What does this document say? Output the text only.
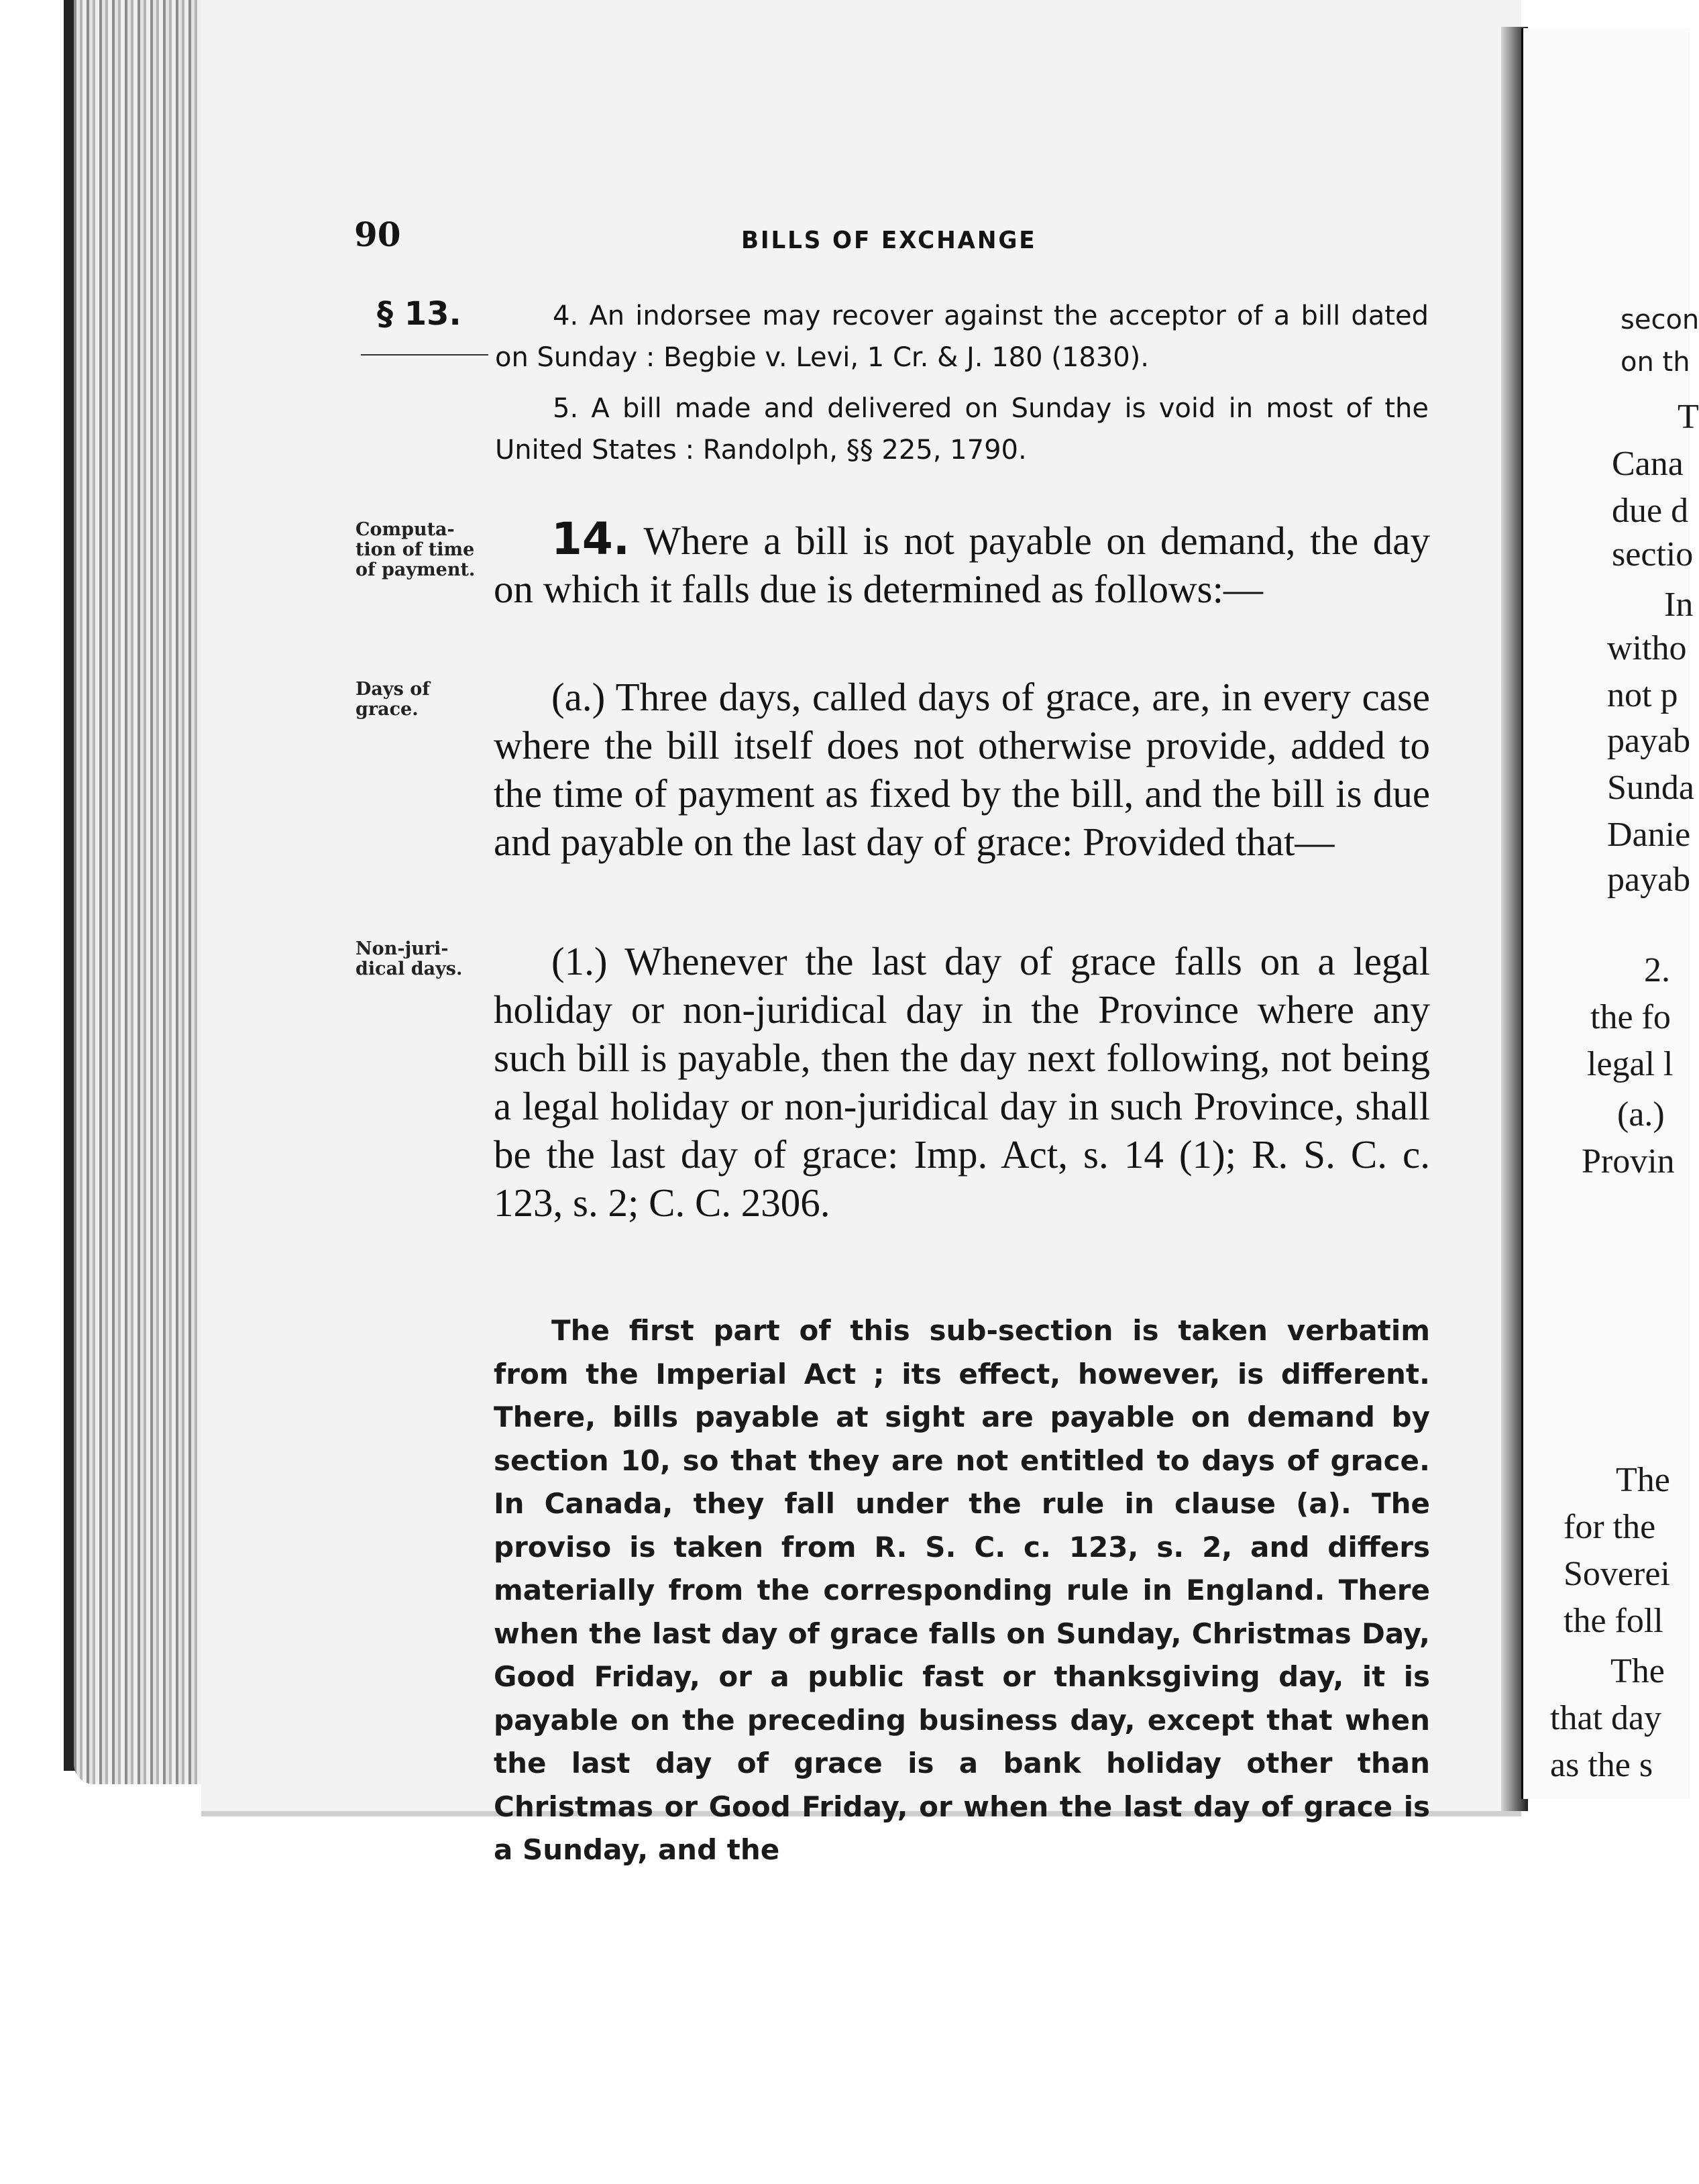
90	BILLS OF EXCHANGE
§ 13.	4. An indorsee may recover against the acceptor of a bill dated on Sunday : Begbie v. Levi, 1 Cr. & J. 180 (1830).
5. A bill made and delivered on Sunday is void in most of the United States : Randolph, §§ 225, 1790.
Computa-tion of time of payment.
Days of grace.
Non-juri-dical days.
14. Where a bill is not payable on demand, the day on which it falls due is determined as follows:—
(a.) Three days, called days of grace, are, in every case where the bill itself does not otherwise provide, added to the time of payment as fixed by the bill, and the bill is due and payable on the last day of grace: Provided that—
(1.) Whenever the last day of grace falls on a legal holiday or non-juridical day in the Province where any such bill is payable, then the day next following, not being a legal holiday or non-juridical day in such Province, shall be the last day of grace: Imp. Act, s. 14 (1); R. S. C. c. 123, s. 2; C. C. 2306.
The first part of this sub-section is taken verbatim from the Imperial Act ; its effect, however, is different. There, bills payable at sight are payable on demand by section 10, so that they are not entitled to days of grace. In Canada, they fall under the rule in clause (a). The proviso is taken from R. S. C. c. 123, s. 2, and differs materially from the corresponding rule in England. There when the last day of grace falls on Sunday, Christmas Day, Good Friday, or a public fast or thanksgiving day, it is payable on the preceding business day, except that when the last day of grace is a bank holiday other than Christmas or Good Friday, or when the last day of grace is a Sunday, and the
secon
on th
T
Cana
due d
sectio
In
witho
not p
payab
Sunda
Danie
payab
2.
the fo
legal l
(a.)
Provin
The
for the
Soverei
the foll
The
that day
as the s
